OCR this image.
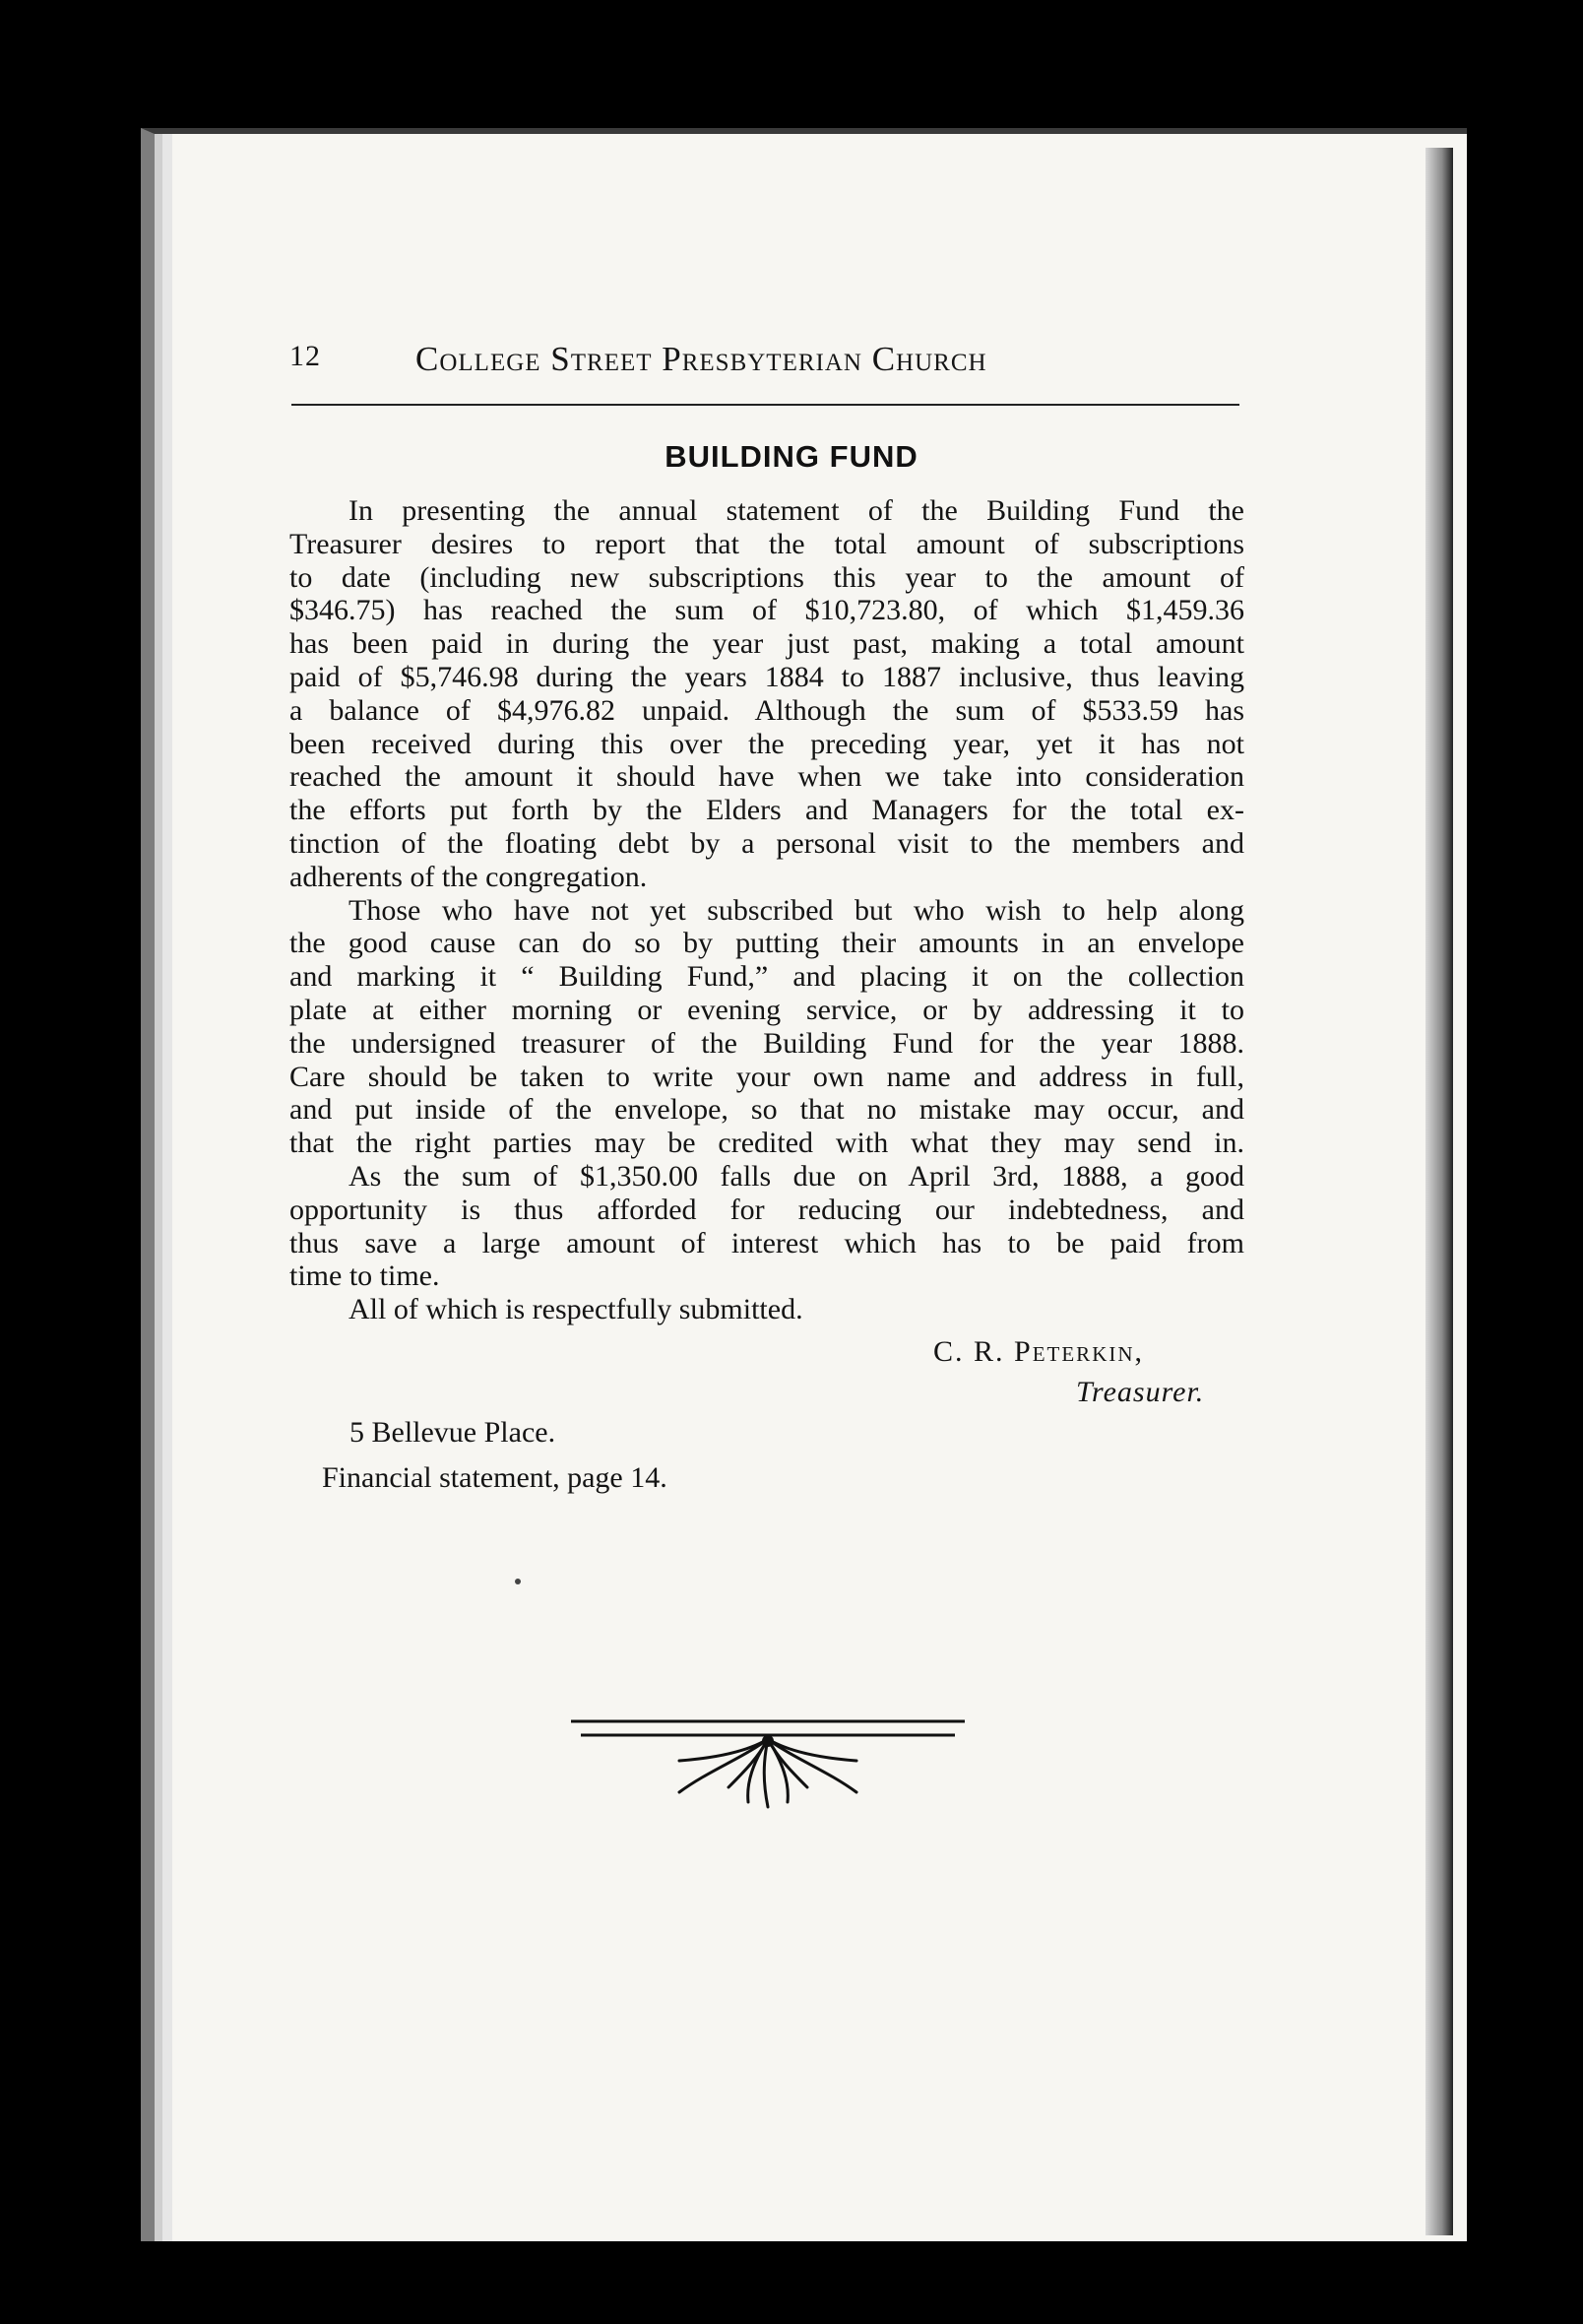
12	College Street Presbyterian Church
BUILDING FUND
In presenting the annual statement of the Building Fund the
Treasurer desires to report that the total amount of subscriptions
to date (including new subscriptions this year to the amount of
$346.75) has reached the sum of $10,723.80, of which $1,459.36
has been paid in during the year just past, making a total amount
paid of $5,746.98 during the years 1884 to 1887 inclusive, thus leaving
a balance of $4,976.82 unpaid. Although the sum of $533.59 has
been received during this over the preceding year, yet it has not
reached the amount it should have when we take into consideration
the efforts put forth by the Elders and Managers for the total ex-
tinction of the floating debt by a personal visit to the members and
adherents of the congregation.
Those who have not yet subscribed but who wish to help along
the good cause can do so by putting their amounts in an envelope
and marking it “ Building Fund,” and placing it on the collection
plate at either morning or evening service, or by addressing it to
the undersigned treasurer of the Building Fund for the year 1888.
Care should be taken to write your own name and address in full,
and put inside of the envelope, so that no mistake may occur, and
that the right parties may be credited with what they may send in.
As the sum of $1,350.00 falls due on April 3rd, 1888, a good
opportunity is thus afforded for reducing our indebtedness, and
thus save a large amount of interest which has to be paid from
time to time.
All of which is respectfully submitted.
C. R. Peterkin,
Treasurer.
5 Bellevue Place.
Financial statement, page 14.
